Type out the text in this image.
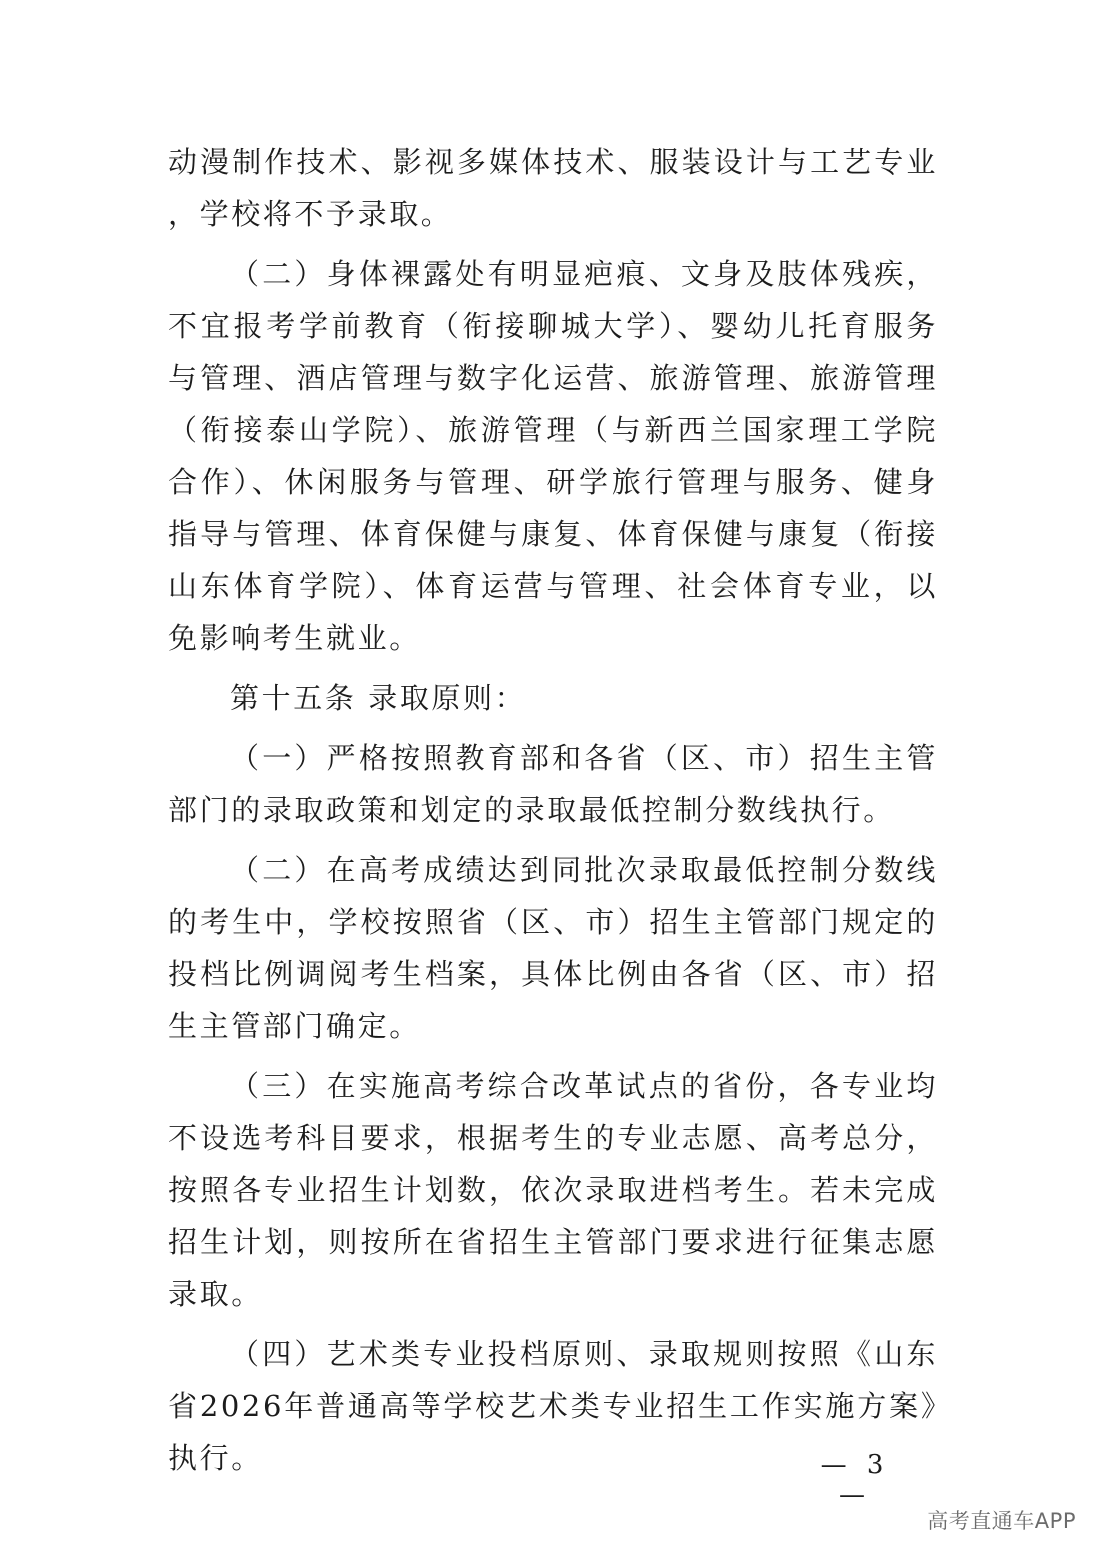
动漫制作技术、影视多媒体技术、服装设计与工艺专业，学校将不予录取。

（二）身体裸露处有明显疤痕、文身及肢体残疾，不宜报考学前教育（衔接聊城大学）、婴幼儿托育服务与管理、酒店管理与数字化运营、旅游管理、旅游管理（衔接泰山学院）、旅游管理（与新西兰国家理工学院合作）、休闲服务与管理、研学旅行管理与服务、健身指导与管理、体育保健与康复、体育保健与康复（衔接山东体育学院）、体育运营与管理、社会体育专业，以免影响考生就业。

第十五条 录取原则：

（一）严格按照教育部和各省（区、市）招生主管部门的录取政策和划定的录取最低控制分数线执行。

（二）在高考成绩达到同批次录取最低控制分数线的考生中，学校按照省（区、市）招生主管部门规定的投档比例调阅考生档案，具体比例由各省（区、市）招生主管部门确定。

（三）在实施高考综合改革试点的省份，各专业均不设选考科目要求，根据考生的专业志愿、高考总分，按照各专业招生计划数，依次录取进档考生。若未完成招生计划，则按所在省招生主管部门要求进行征集志愿录取。

（四）艺术类专业投档原则、录取规则按照《山东省2026年普通高等学校艺术类专业招生工作实施方案》执行。	— 3 —
高考直通车APP
